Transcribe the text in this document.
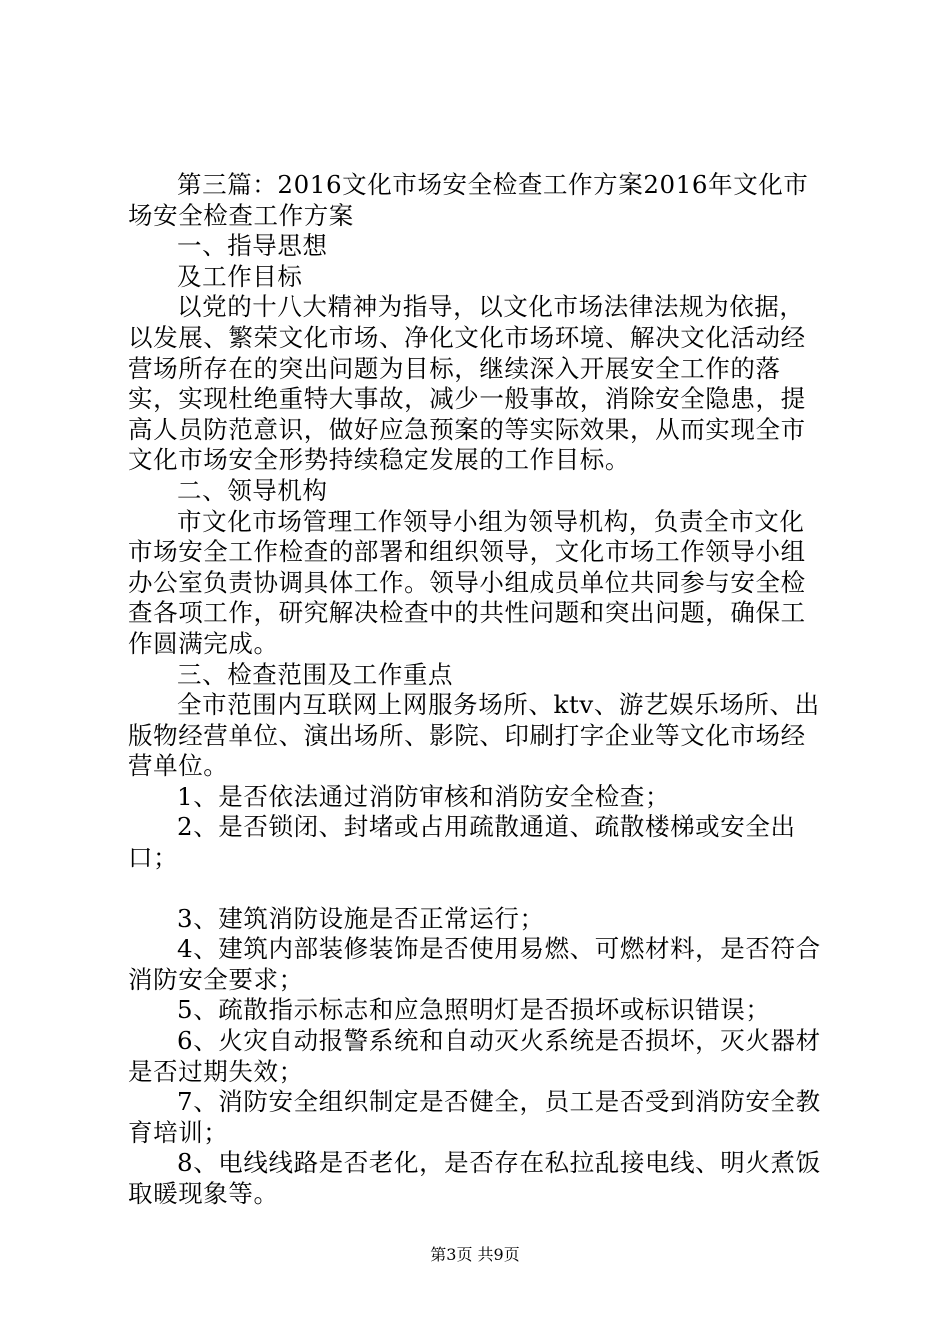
第三篇：2016文化市场安全检查工作方案2016年文化市场安全检查工作方案

一、指导思想

及工作目标

以党的十八大精神为指导，以文化市场法律法规为依据，以发展、繁荣文化市场、净化文化市场环境、解决文化活动经营场所存在的突出问题为目标，继续深入开展安全工作的落实，实现杜绝重特大事故，减少一般事故，消除安全隐患，提高人员防范意识，做好应急预案的等实际效果，从而实现全市文化市场安全形势持续稳定发展的工作目标。

二、领导机构

市文化市场管理工作领导小组为领导机构，负责全市文化市场安全工作检查的部署和组织领导，文化市场工作领导小组办公室负责协调具体工作。领导小组成员单位共同参与安全检查各项工作，研究解决检查中的共性问题和突出问题，确保工作圆满完成。

三、检查范围及工作重点

全市范围内互联网上网服务场所、ktv、游艺娱乐场所、出版物经营单位、演出场所、影院、印刷打字企业等文化市场经营单位。

1、是否依法通过消防审核和消防安全检查；

2、是否锁闭、封堵或占用疏散通道、疏散楼梯或安全出口；

3、建筑消防设施是否正常运行；

4、建筑内部装修装饰是否使用易燃、可燃材料，是否符合消防安全要求；

5、疏散指示标志和应急照明灯是否损坏或标识错误；

6、火灾自动报警系统和自动灭火系统是否损坏，灭火器材是否过期失效；

7、消防安全组织制定是否健全，员工是否受到消防安全教育培训；

8、电线线路是否老化，是否存在私拉乱接电线、明火煮饭取暖现象等。

第3页 共9页
